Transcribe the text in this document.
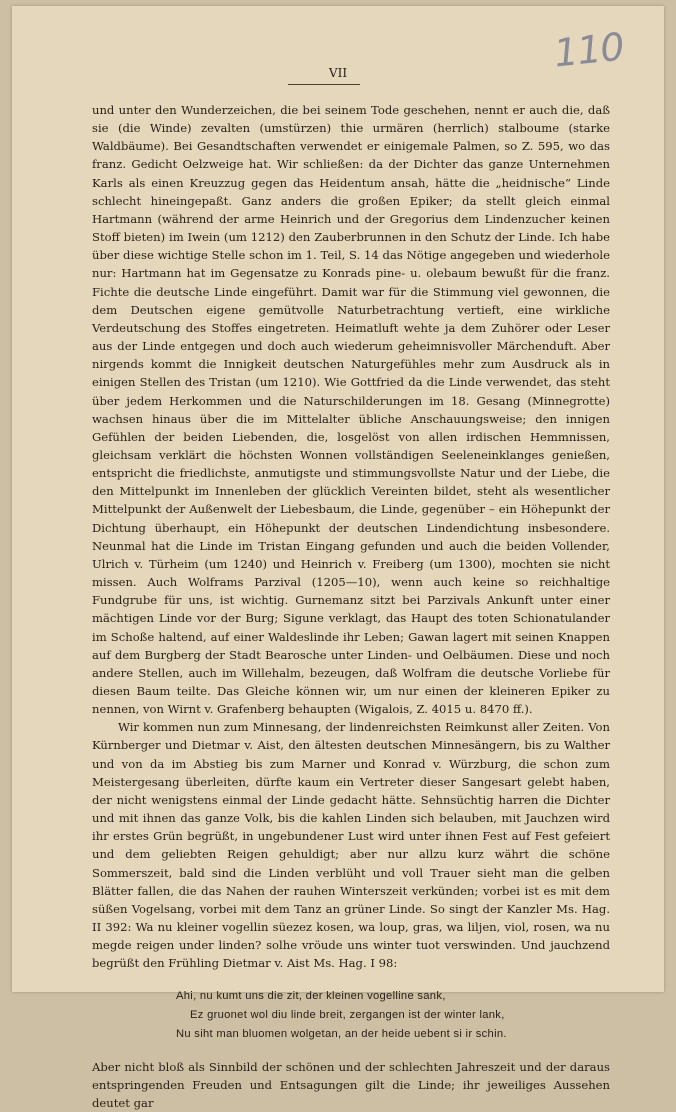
110
VII

und unter den Wunderzeichen, die bei seinem Tode geschehen, nennt er auch die, daß sie (die Winde) zevalten (umstürzen) thie urmären (herrlich) stalboume (starke Waldbäume). Bei Gesandtschaften verwendet er einigemale Palmen, so Z. 595, wo das franz. Gedicht Oelzweige hat. Wir schließen: da der Dichter das ganze Unternehmen Karls als einen Kreuzzug gegen das Heidentum ansah, hätte die „heidnische“ Linde schlecht hineingepaßt. Ganz anders die großen Epiker; da stellt gleich einmal Hartmann (während der arme Heinrich und der Gregorius dem Lindenzucher keinen Stoff bieten) im Iwein (um 1212) den Zauberbrunnen in den Schutz der Linde. Ich habe über diese wichtige Stelle schon im 1. Teil, S. 14 das Nötige angegeben und wiederhole nur: Hartmann hat im Gegensatze zu Konrads pine- u. olebaum bewußt für die franz. Fichte die deutsche Linde eingeführt. Damit war für die Stimmung viel gewonnen, die dem Deutschen eigene gemütvolle Naturbetrachtung vertieft, eine wirkliche Verdeutschung des Stoffes eingetreten. Heimatluft wehte ja dem Zuhörer oder Leser aus der Linde entgegen und doch auch wiederum geheimnisvoller Märchenduft. Aber nirgends kommt die Innigkeit deutschen Naturgefühles mehr zum Ausdruck als in einigen Stellen des Tristan (um 1210). Wie Gottfried da die Linde verwendet, das steht über jedem Herkommen und die Naturschilderungen im 18. Gesang (Minnegrotte) wachsen hinaus über die im Mittelalter übliche Anschauungsweise; den innigen Gefühlen der beiden Liebenden, die, losgelöst von allen irdischen Hemmnissen, gleichsam verklärt die höchsten Wonnen vollständigen Seeleneinklanges genießen, entspricht die friedlichste, anmutigste und stimmungsvollste Natur und der Liebe, die den Mittelpunkt im Innenleben der glücklich Vereinten bildet, steht als wesentlicher Mittelpunkt der Außenwelt der Liebesbaum, die Linde, gegenüber – ein Höhepunkt der Dichtung überhaupt, ein Höhepunkt der deutschen Lindendichtung insbesondere. Neunmal hat die Linde im Tristan Eingang gefunden und auch die beiden Vollender, Ulrich v. Türheim (um 1240) und Heinrich v. Freiberg (um 1300), mochten sie nicht missen. Auch Wolframs Parzival (1205—10), wenn auch keine so reichhaltige Fundgrube für uns, ist wichtig. Gurnemanz sitzt bei Parzivals Ankunft unter einer mächtigen Linde vor der Burg; Sigune verklagt, das Haupt des toten Schionatulander im Schoße haltend, auf einer Waldeslinde ihr Leben; Gawan lagert mit seinen Knappen auf dem Burgberg der Stadt Bearosche unter Linden- und Oelbäumen. Diese und noch andere Stellen, auch im Willehalm, bezeugen, daß Wolfram die deutsche Vorliebe für diesen Baum teilte. Das Gleiche können wir, um nur einen der kleineren Epiker zu nennen, von Wirnt v. Grafenberg behaupten (Wigalois, Z. 4015 u. 8470 ff.).

Wir kommen nun zum Minnesang, der lindenreichsten Reimkunst aller Zeiten. Von Kürnberger und Dietmar v. Aist, den ältesten deutschen Minnesängern, bis zu Walther und von da im Abstieg bis zum Marner und Konrad v. Würzburg, die schon zum Meistergesang überleiten, dürfte kaum ein Vertreter dieser Sangesart gelebt haben, der nicht wenigstens einmal der Linde gedacht hätte. Sehnsüchtig harren die Dichter und mit ihnen das ganze Volk, bis die kahlen Linden sich belauben, mit Jauchzen wird ihr erstes Grün begrüßt, in ungebundener Lust wird unter ihnen Fest auf Fest gefeiert und dem geliebten Reigen gehuldigt; aber nur allzu kurz währt die schöne Sommerszeit, bald sind die Linden verblüht und voll Trauer sieht man die gelben Blätter fallen, die das Nahen der rauhen Winterszeit verkünden; vorbei ist es mit dem süßen Vogelsang, vorbei mit dem Tanz an grüner Linde. So singt der Kanzler Ms. Hag. II 392: Wa nu kleiner vogellin süezez kosen, wa loup, gras, wa liljen, viol, rosen, wa nu megde reigen under linden? solhe vröude uns winter tuot verswinden. Und jauchzend begrüßt den Frühling Dietmar v. Aist Ms. Hag. I 98:

Ahi, nu kumt uns die zit, der kleinen vogelline sank,
Ez gruonet wol diu linde breit, zergangen ist der winter lank,
Nu siht man bluomen wolgetan, an der heide uebent si ir schin.

Aber nicht bloß als Sinnbild der schönen und der schlechten Jahreszeit und der daraus entspringenden Freuden und Entsagungen gilt die Linde; ihr jeweiliges Aussehen deutet gar
